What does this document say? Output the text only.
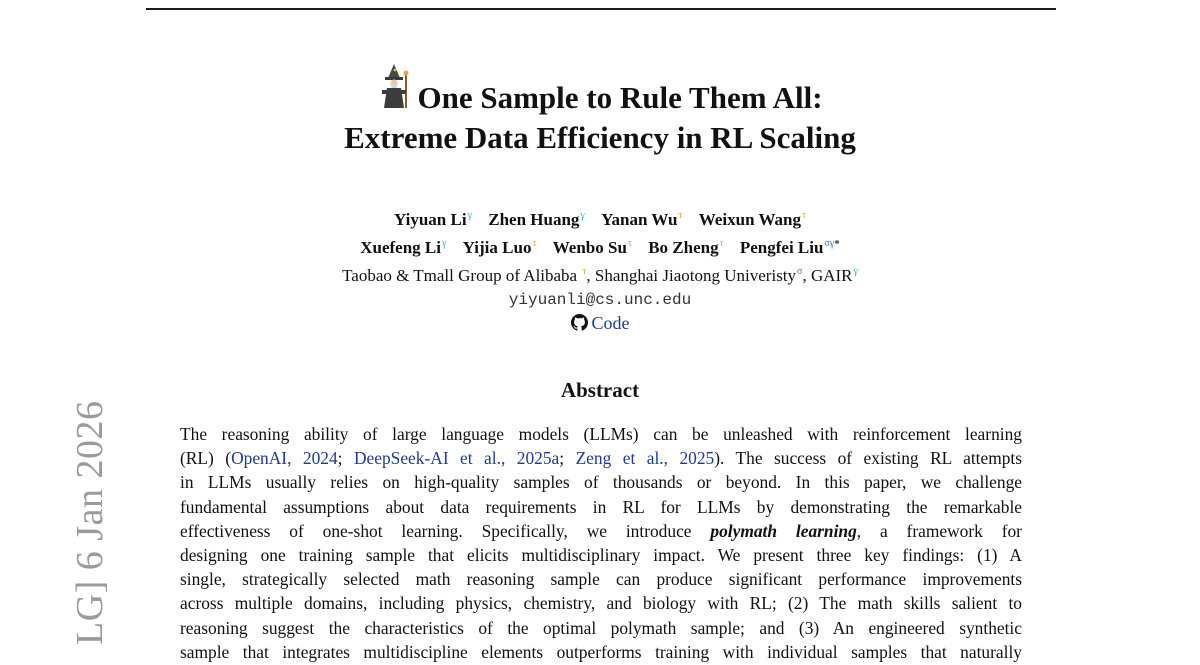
One Sample to Rule Them All:
Extreme Data Efficiency in RL Scaling
Yiyuan Li$^\gamma$ Zhen Huang$^\gamma$ Yanan Wu$^\tau$ Weixun Wang$^\tau$
Xuefeng Li$^\gamma$ Yijia Luo$^\tau$ Wenbo Su$^\tau$ Bo Zheng$^\tau$ Pengfei Liu$^{\sigma\gamma*}$
Taobao & Tmall Group of Alibaba $^\tau$, Shanghai Jiaotong Univeristy$^\sigma$, GAIR$^\gamma$
yiyuanli@cs.unc.edu
Code
Abstract
The reasoning ability of large language models (LLMs) can be unleashed with reinforcement learning
(RL) (OpenAI, 2024; DeepSeek-AI et al., 2025a; Zeng et al., 2025). The success of existing RL attempts
in LLMs usually relies on high-quality samples of thousands or beyond. In this paper, we challenge
fundamental assumptions about data requirements in RL for LLMs by demonstrating the remarkable
effectiveness of one-shot learning. Specifically, we introduce polymath learning, a framework for
designing one training sample that elicits multidisciplinary impact. We present three key findings: (1) A
single, strategically selected math reasoning sample can produce significant performance improvements
across multiple domains, including physics, chemistry, and biology with RL; (2) The math skills salient to
reasoning suggest the characteristics of the optimal polymath sample; and (3) An engineered synthetic
sample that integrates multidiscipline elements outperforms training with individual samples that naturally
LG] 6 Jan 2026
